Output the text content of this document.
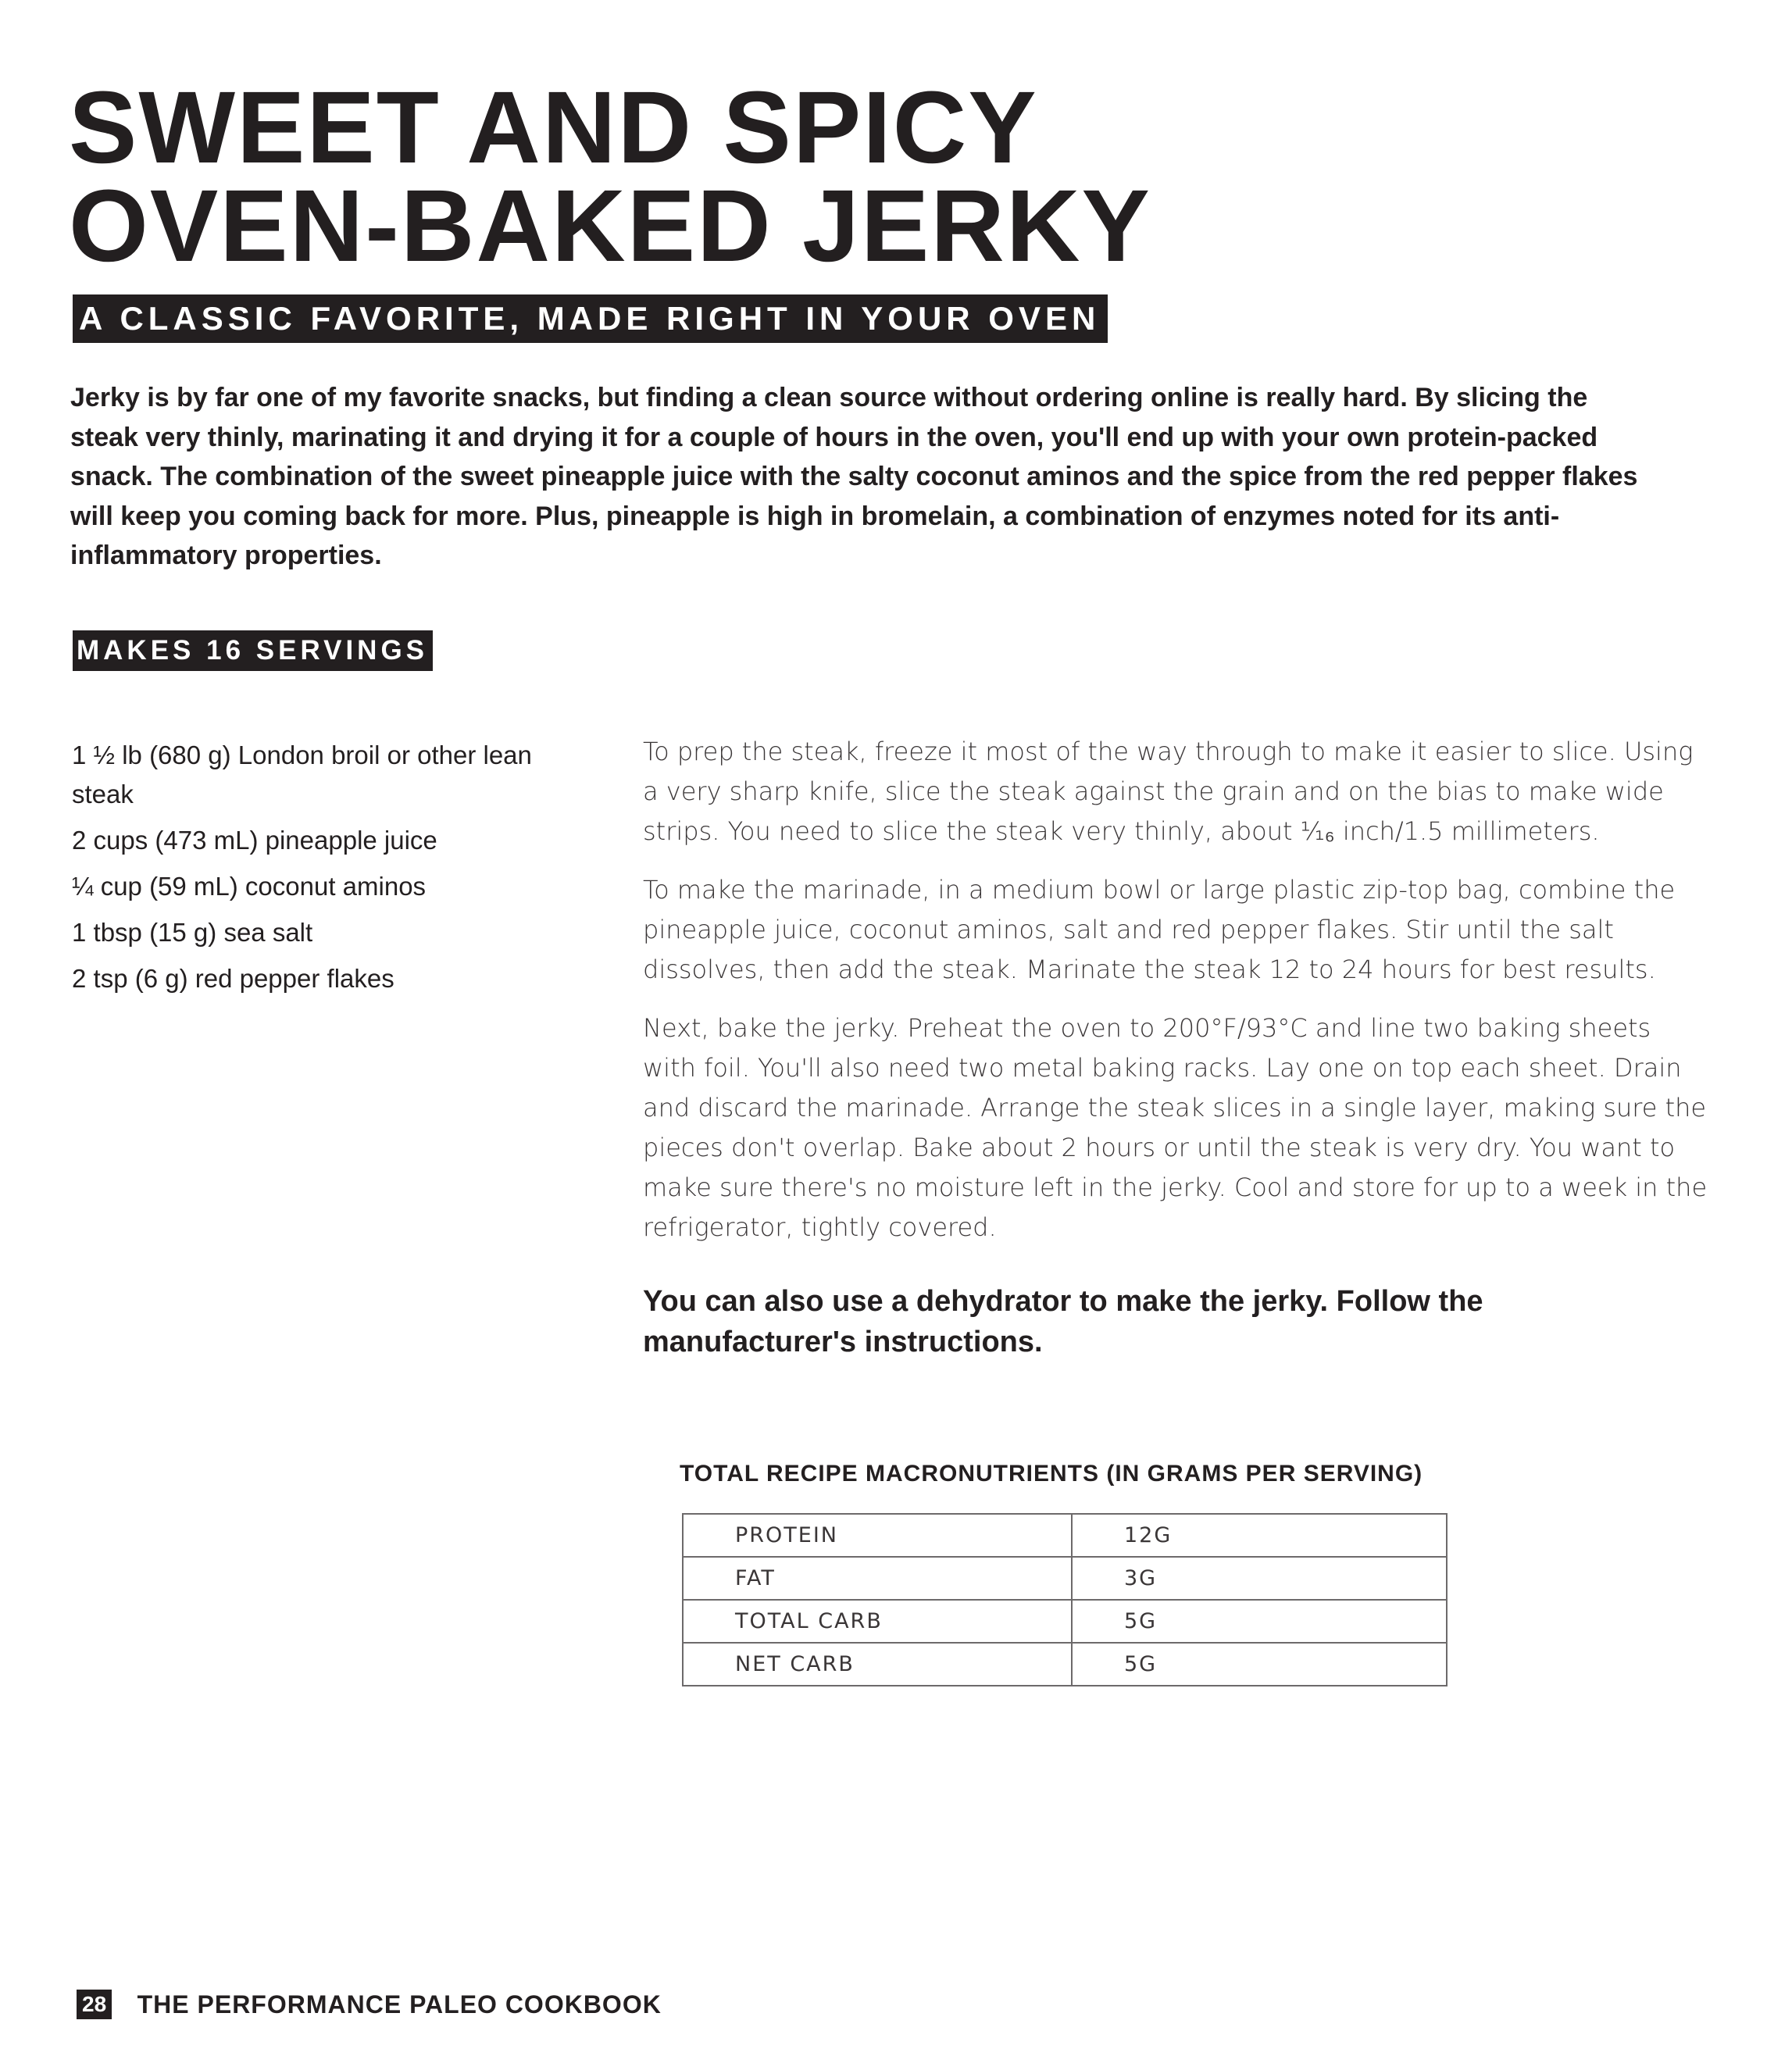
SWEET AND SPICY
OVEN-BAKED JERKY
A CLASSIC FAVORITE, MADE RIGHT IN YOUR OVEN

Jerky is by far one of my favorite snacks, but finding a clean source without ordering online is really hard. By slicing the steak very thinly, marinating it and drying it for a couple of hours in the oven, you'll end up with your own protein-packed snack. The combination of the sweet pineapple juice with the salty coconut aminos and the spice from the red pepper flakes will keep you coming back for more. Plus, pineapple is high in bromelain, a combination of enzymes noted for its anti-inflammatory properties.

MAKES 16 SERVINGS
1 ½ lb (680 g) London broil or other lean steak
2 cups (473 mL) pineapple juice
¼ cup (59 mL) coconut aminos
1 tbsp (15 g) sea salt
2 tsp (6 g) red pepper flakes

To prep the steak, freeze it most of the way through to make it easier to slice. Using a very sharp knife, slice the steak against the grain and on the bias to make wide strips. You need to slice the steak very thinly, about ¹⁄₁₆ inch/1.5 millimeters.

To make the marinade, in a medium bowl or large plastic zip-top bag, combine the pineapple juice, coconut aminos, salt and red pepper flakes. Stir until the salt dissolves, then add the steak. Marinate the steak 12 to 24 hours for best results.

Next, bake the jerky. Preheat the oven to 200°F/93°C and line two baking sheets with foil. You'll also need two metal baking racks. Lay one on top each sheet. Drain and discard the marinade. Arrange the steak slices in a single layer, making sure the pieces don't overlap. Bake about 2 hours or until the steak is very dry. You want to make sure there's no moisture left in the jerky. Cool and store for up to a week in the refrigerator, tightly covered.

You can also use a dehydrator to make the jerky. Follow the manufacturer's instructions.

TOTAL RECIPE MACRONUTRIENTS (IN GRAMS PER SERVING)
PROTEIN	12G
FAT	3G
TOTAL CARB	5G
NET CARB	5G
28 THE PERFORMANCE PALEO COOKBOOK
